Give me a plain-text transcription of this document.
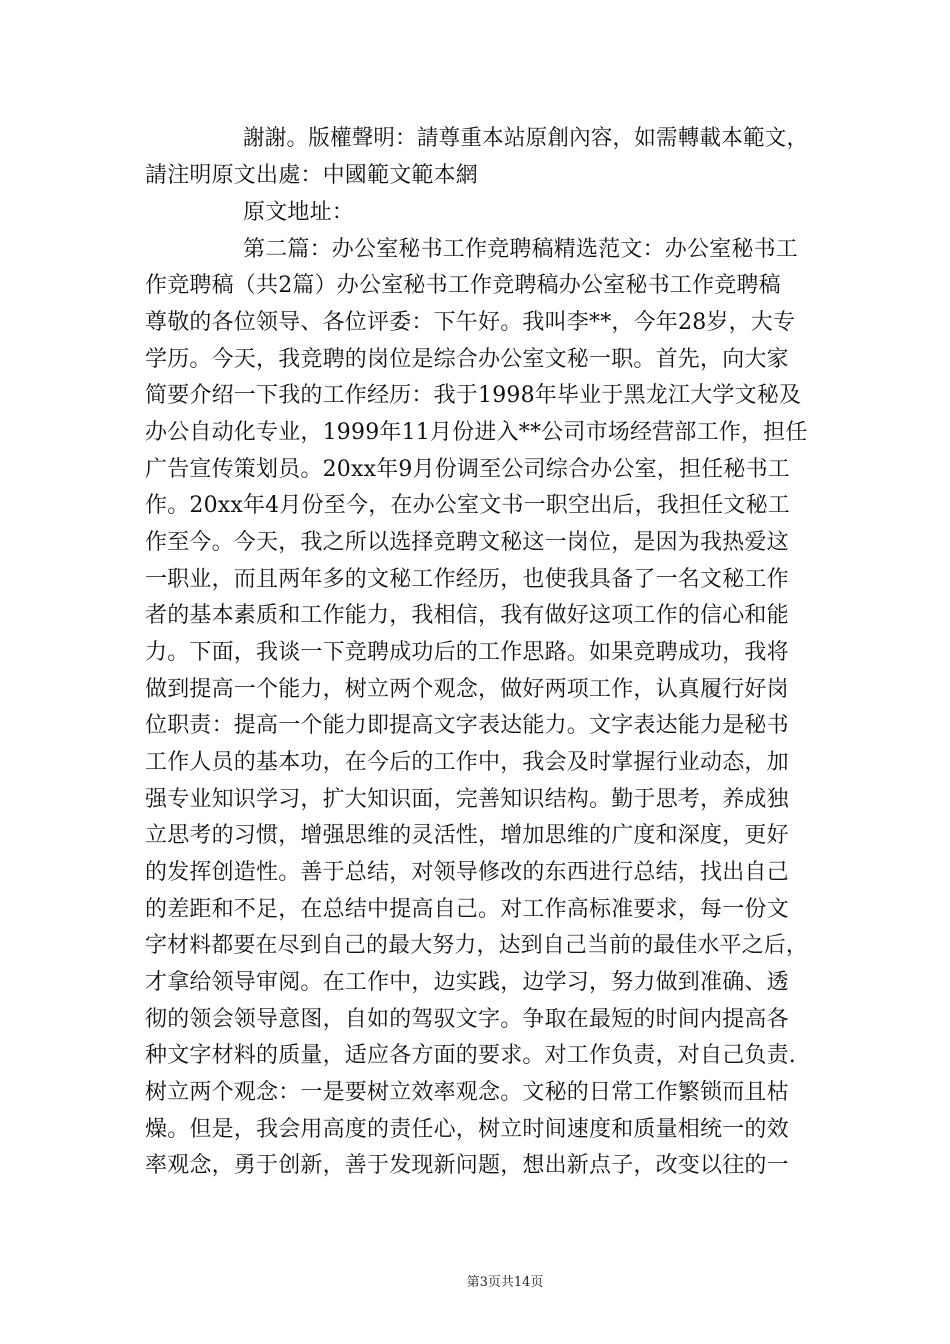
謝謝。版權聲明：請尊重本站原創內容，如需轉載本範文，
請注明原文出處：中國範文範本網
原文地址：
第二篇：办公室秘书工作竞聘稿精选范文：办公室秘书工
作竞聘稿（共2篇）办公室秘书工作竞聘稿办公室秘书工作竞聘稿
尊敬的各位领导、各位评委：下午好。我叫李**，今年28岁，大专
学历。今天，我竞聘的岗位是综合办公室文秘一职。首先，向大家
简要介绍一下我的工作经历：我于1998年毕业于黑龙江大学文秘及
办公自动化专业，1999年11月份进入**公司市场经营部工作，担任
广告宣传策划员。20xx年9月份调至公司综合办公室，担任秘书工
作。20xx年4月份至今，在办公室文书一职空出后，我担任文秘工
作至今。今天，我之所以选择竞聘文秘这一岗位，是因为我热爱这
一职业，而且两年多的文秘工作经历，也使我具备了一名文秘工作
者的基本素质和工作能力，我相信，我有做好这项工作的信心和能
力。下面，我谈一下竞聘成功后的工作思路。如果竞聘成功，我将
做到提高一个能力，树立两个观念，做好两项工作，认真履行好岗
位职责：提高一个能力即提高文字表达能力。文字表达能力是秘书
工作人员的基本功，在今后的工作中，我会及时掌握行业动态，加
强专业知识学习，扩大知识面，完善知识结构。勤于思考，养成独
立思考的习惯，增强思维的灵活性，增加思维的广度和深度，更好
的发挥创造性。善于总结，对领导修改的东西进行总结，找出自己
的差距和不足，在总结中提高自己。对工作高标准要求，每一份文
字材料都要在尽到自己的最大努力，达到自己当前的最佳水平之后，
才拿给领导审阅。在工作中，边实践，边学习，努力做到准确、透
彻的领会领导意图，自如的驾驭文字。争取在最短的时间内提高各
种文字材料的质量，适应各方面的要求。对工作负责，对自己负责.
树立两个观念：一是要树立效率观念。文秘的日常工作繁锁而且枯
燥。但是，我会用高度的责任心，树立时间速度和质量相统一的效
率观念，勇于创新，善于发现新问题，想出新点子，改变以往的一
第3页共14页
